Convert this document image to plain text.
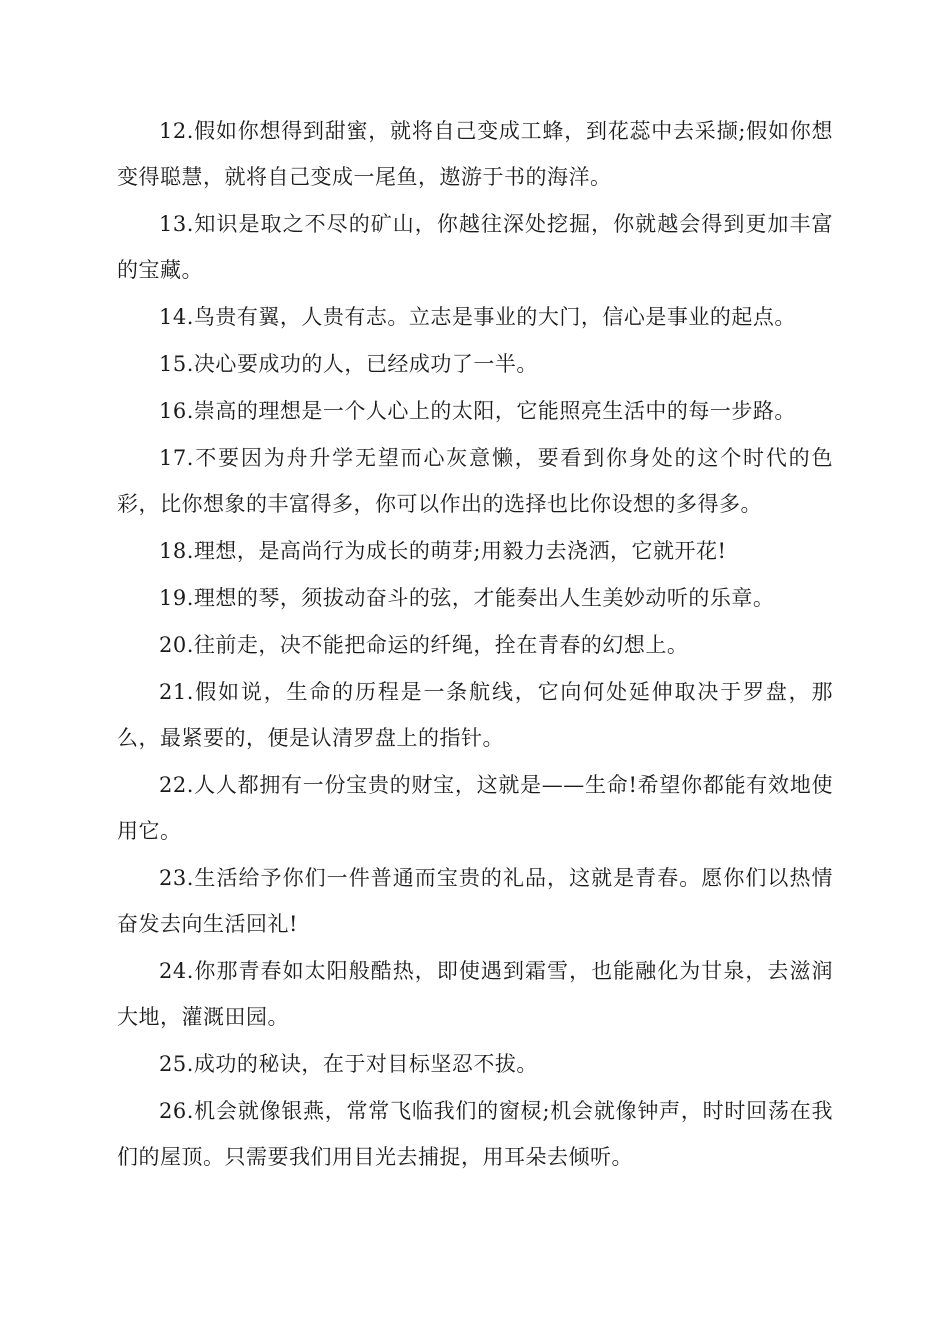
12.假如你想得到甜蜜，就将自己变成工蜂，到花蕊中去采撷;假如你想变得聪慧，就将自己变成一尾鱼，遨游于书的海洋。

13.知识是取之不尽的矿山，你越往深处挖掘，你就越会得到更加丰富的宝藏。

14.鸟贵有翼，人贵有志。立志是事业的大门，信心是事业的起点。

15.决心要成功的人，已经成功了一半。

16.崇高的理想是一个人心上的太阳，它能照亮生活中的每一步路。

17.不要因为舟升学无望而心灰意懒，要看到你身处的这个时代的色彩，比你想象的丰富得多，你可以作出的选择也比你设想的多得多。

18.理想，是高尚行为成长的萌芽;用毅力去浇洒，它就开花!

19.理想的琴，须拔动奋斗的弦，才能奏出人生美妙动听的乐章。

20.往前走，决不能把命运的纤绳，拴在青春的幻想上。

21.假如说，生命的历程是一条航线，它向何处延伸取决于罗盘，那么，最紧要的，便是认清罗盘上的指针。

22.人人都拥有一份宝贵的财宝，这就是——生命!希望你都能有效地使用它。

23.生活给予你们一件普通而宝贵的礼品，这就是青春。愿你们以热情奋发去向生活回礼!

24.你那青春如太阳般酷热，即使遇到霜雪，也能融化为甘泉，去滋润大地，灌溉田园。

25.成功的秘诀，在于对目标坚忍不拔。

26.机会就像银燕，常常飞临我们的窗棂;机会就像钟声，时时回荡在我们的屋顶。只需要我们用目光去捕捉，用耳朵去倾听。
